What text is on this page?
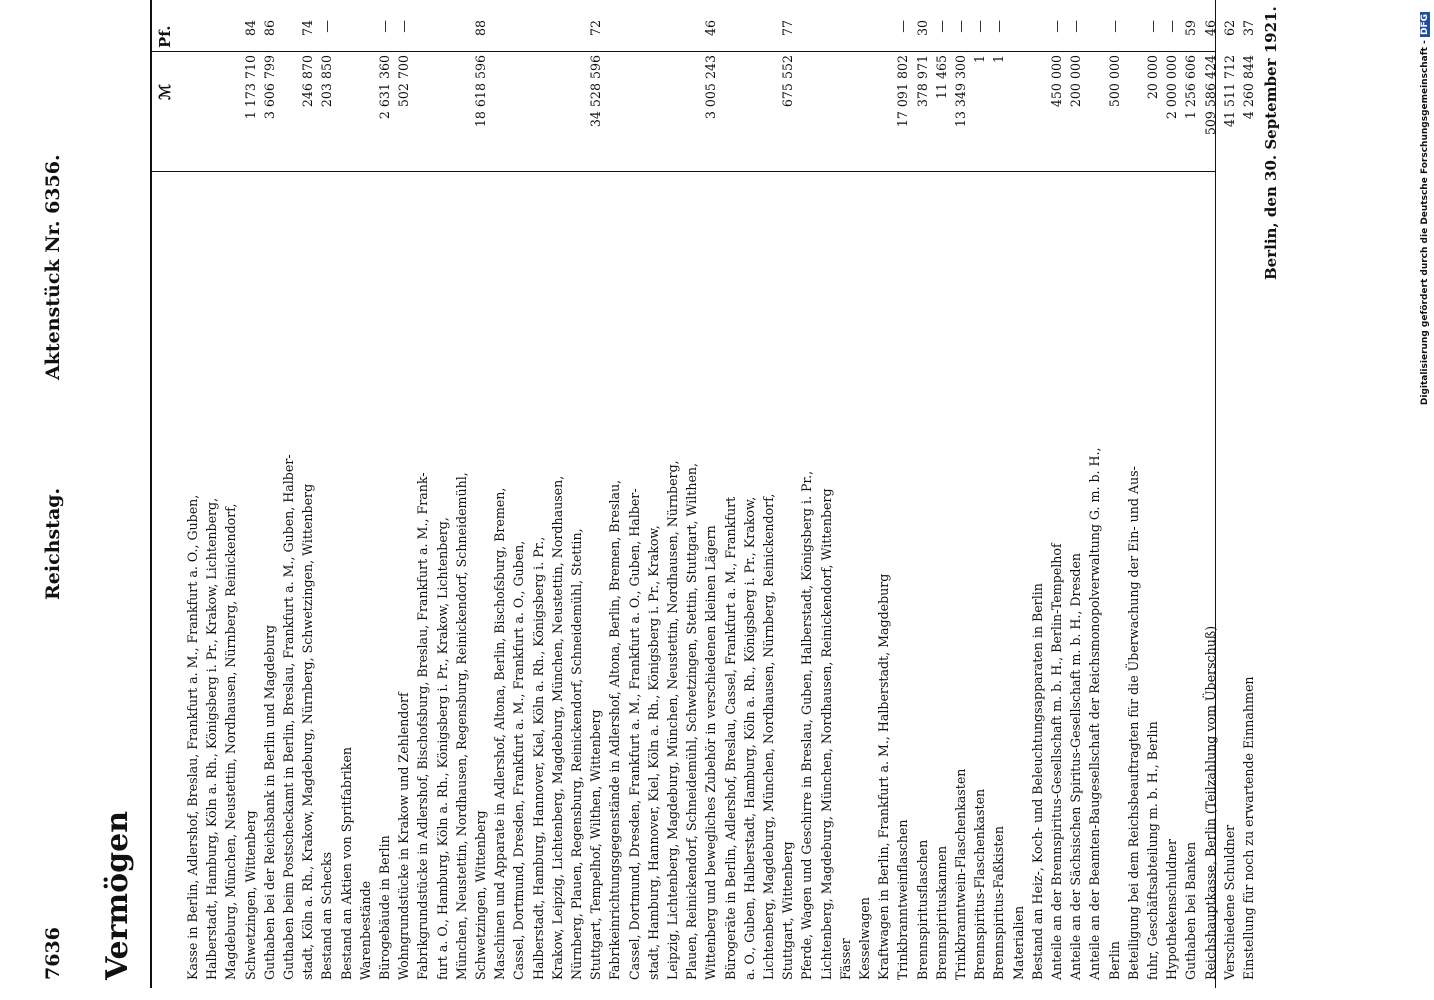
7636
Reichstag.
Aktenstück Nr. 6356.
Vermögen
ℳ
Pf.
Kasse in Berlin, Adlershof, Breslau, Frankfurt a. M., Frankfurt a. O., Guben, Halberstadt, Hamburg, Köln a. Rh., Königsberg i. Pr., Krakow, Lichtenberg, Magdeburg, München, Neustettin, Nordhausen, Nürnberg, Reinickendorf, Schwetzingen, Wittenberg
1 173 710
84
Guthaben bei der Reichsbank in Berlin und Magdeburg
3 606 799
86
Guthaben beim Postscheckamt in Berlin, Breslau, Frankfurt a. M., Guben, Halber- stadt, Köln a. Rh., Krakow, Magdeburg, Nürnberg, Schwetzingen, Wittenberg
246 870
74
Bestand an Schecks
203 850
—
Bestand an Aktien von Spritfabriken Warenbestände Bürogebäude in Berlin
2 631 360
—
Wohngrundstücke in Krakow und Zehlendorf
502 700
—
Fabrikgrundstücke in Adlershof, Bischofsburg, Breslau, Frankfurt a. M., Frank- furt a. O., Hamburg, Köln a. Rh., Königsberg i. Pr., Krakow, Lichtenberg, München, Neustettin, Nordhausen, Regensburg, Reinickendorf, Schneidemühl, Schwetzingen, Wittenberg
18 618 596
88
Maschinen und Apparate in Adlershof, Altona, Berlin, Bischofsburg, Bremen, Cassel, Dortmund, Dresden, Frankfurt a. M., Frankfurt a. O., Guben, Halberstadt, Hamburg, Hannover, Kiel, Köln a. Rh., Königsberg i. Pr., Krakow, Leipzig, Lichtenberg, Magdeburg, München, Neustettin, Nordhausen, Nürnberg, Plauen, Regensburg, Reinickendorf, Schneidemühl, Stettin, Stuttgart, Tempelhof, Wilthen, Wittenberg
34 528 596
72
Fabrikeinrichtungsgegenstände in Adlershof, Altona, Berlin, Bremen, Breslau, Cassel, Dortmund, Dresden, Frankfurt a. M., Frankfurt a. O., Guben, Halber- stadt, Hamburg, Hannover, Kiel, Köln a. Rh., Königsberg i. Pr., Krakow, Leipzig, Lichtenberg, Magdeburg, München, Neustettin, Nordhausen, Nürnberg, Plauen, Reinickendorf, Schneidemühl, Schwetzingen, Stettin, Stuttgart, Wilthen, Wittenberg und bewegliches Zubehör in verschiedenen kleinen Lägern
3 005 243
46
Bürogeräte in Berlin, Adlershof, Breslau, Cassel, Frankfurt a. M., Frankfurt a. O., Guben, Halberstadt, Hamburg, Köln a. Rh., Königsberg i. Pr., Krakow, Lichtenberg, Magdeburg, München, Nordhausen, Nürnberg, Reinickendorf, Stuttgart, Wittenberg
675 552
77
Pferde, Wagen und Geschirre in Breslau, Guben, Halberstadt, Königsberg i. Pr., Lichtenberg, Magdeburg, München, Nordhausen, Reinickendorf, Wittenberg Fässer Kesselwagen Kraftwagen in Berlin, Frankfurt a. M., Halberstadt, Magdeburg Trinkbranntweinflaschen
17 091 802
—
Brennspiritusflaschen
378 971
30
Brennspirituskannen
11 465
—
Trinkbranntwein-Flaschenkasten
13 349 300
—
Brennspiritus-Flaschenkasten
1
—
Brennspiritus-Faßkisten
1
—
Materialien Bestand an Heiz-, Koch- und Beleuchtungsapparaten in Berlin Anteile an der Brennspiritus-Gesellschaft m. b. H., Berlin-Tempelhof
450 000
—
Anteile an der Sächsischen Spiritus-Gesellschaft m. b. H., Dresden
200 000
—
Anteile an der Beamten-Baugesellschaft der Reichsmonopolverwaltung G. m. b. H., Berlin
500 000
—
Beteiligung bei dem Reichsbeauftragten für die Überwachung der Ein- und Aus- fuhr, Geschäftsabteilung m. b. H., Berlin
20 000
—
Hypothekenschuldner
2 000 000
—
Guthaben bei Banken
1 256 606
59
Reichshauptkasse, Berlin (Teilzahlung vom Überschuß)
509 586 424
46
Verschiedene Schuldner
41 511 712
62
Einstellung für noch zu erwartende Einnahmen
4 260 844
37 Berlin, den 30. September 1921.	Digitalisierung gefördert durch die Deutsche Forschungsgemeinschaft - DFG
